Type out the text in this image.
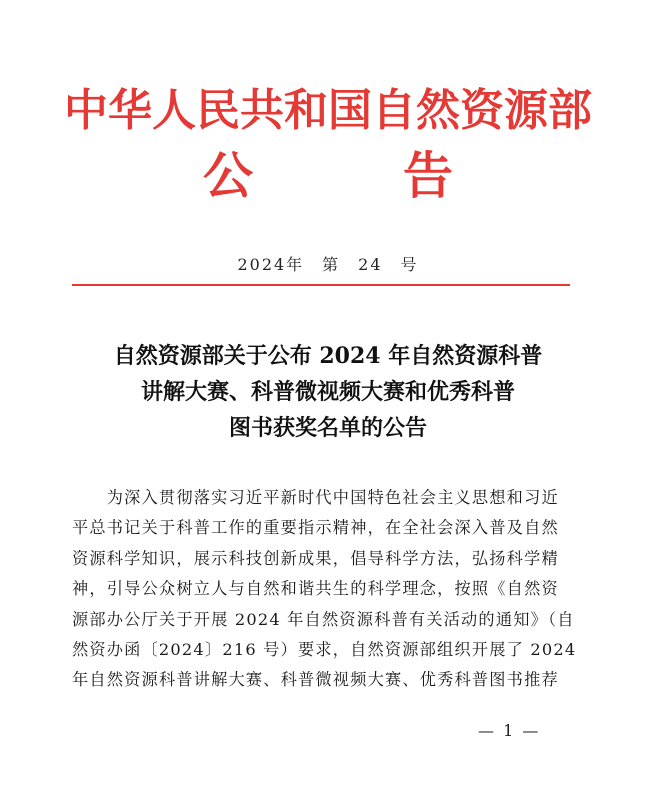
中华人民共和国自然资源部
公告
2024年　第　24　号
自然资源部关于公布 2024 年自然资源科普
讲解大赛、科普微视频大赛和优秀科普
图书获奖名单的公告
　　为深入贯彻落实习近平新时代中国特色社会主义思想和习近
平总书记关于科普工作的重要指示精神，在全社会深入普及自然
资源科学知识，展示科技创新成果，倡导科学方法，弘扬科学精
神，引导公众树立人与自然和谐共生的科学理念，按照《自然资
源部办公厅关于开展 2024 年自然资源科普有关活动的通知》（自
然资办函〔2024〕216 号）要求，自然资源部组织开展了 2024
年自然资源科普讲解大赛、科普微视频大赛、优秀科普图书推荐
— 1 —
